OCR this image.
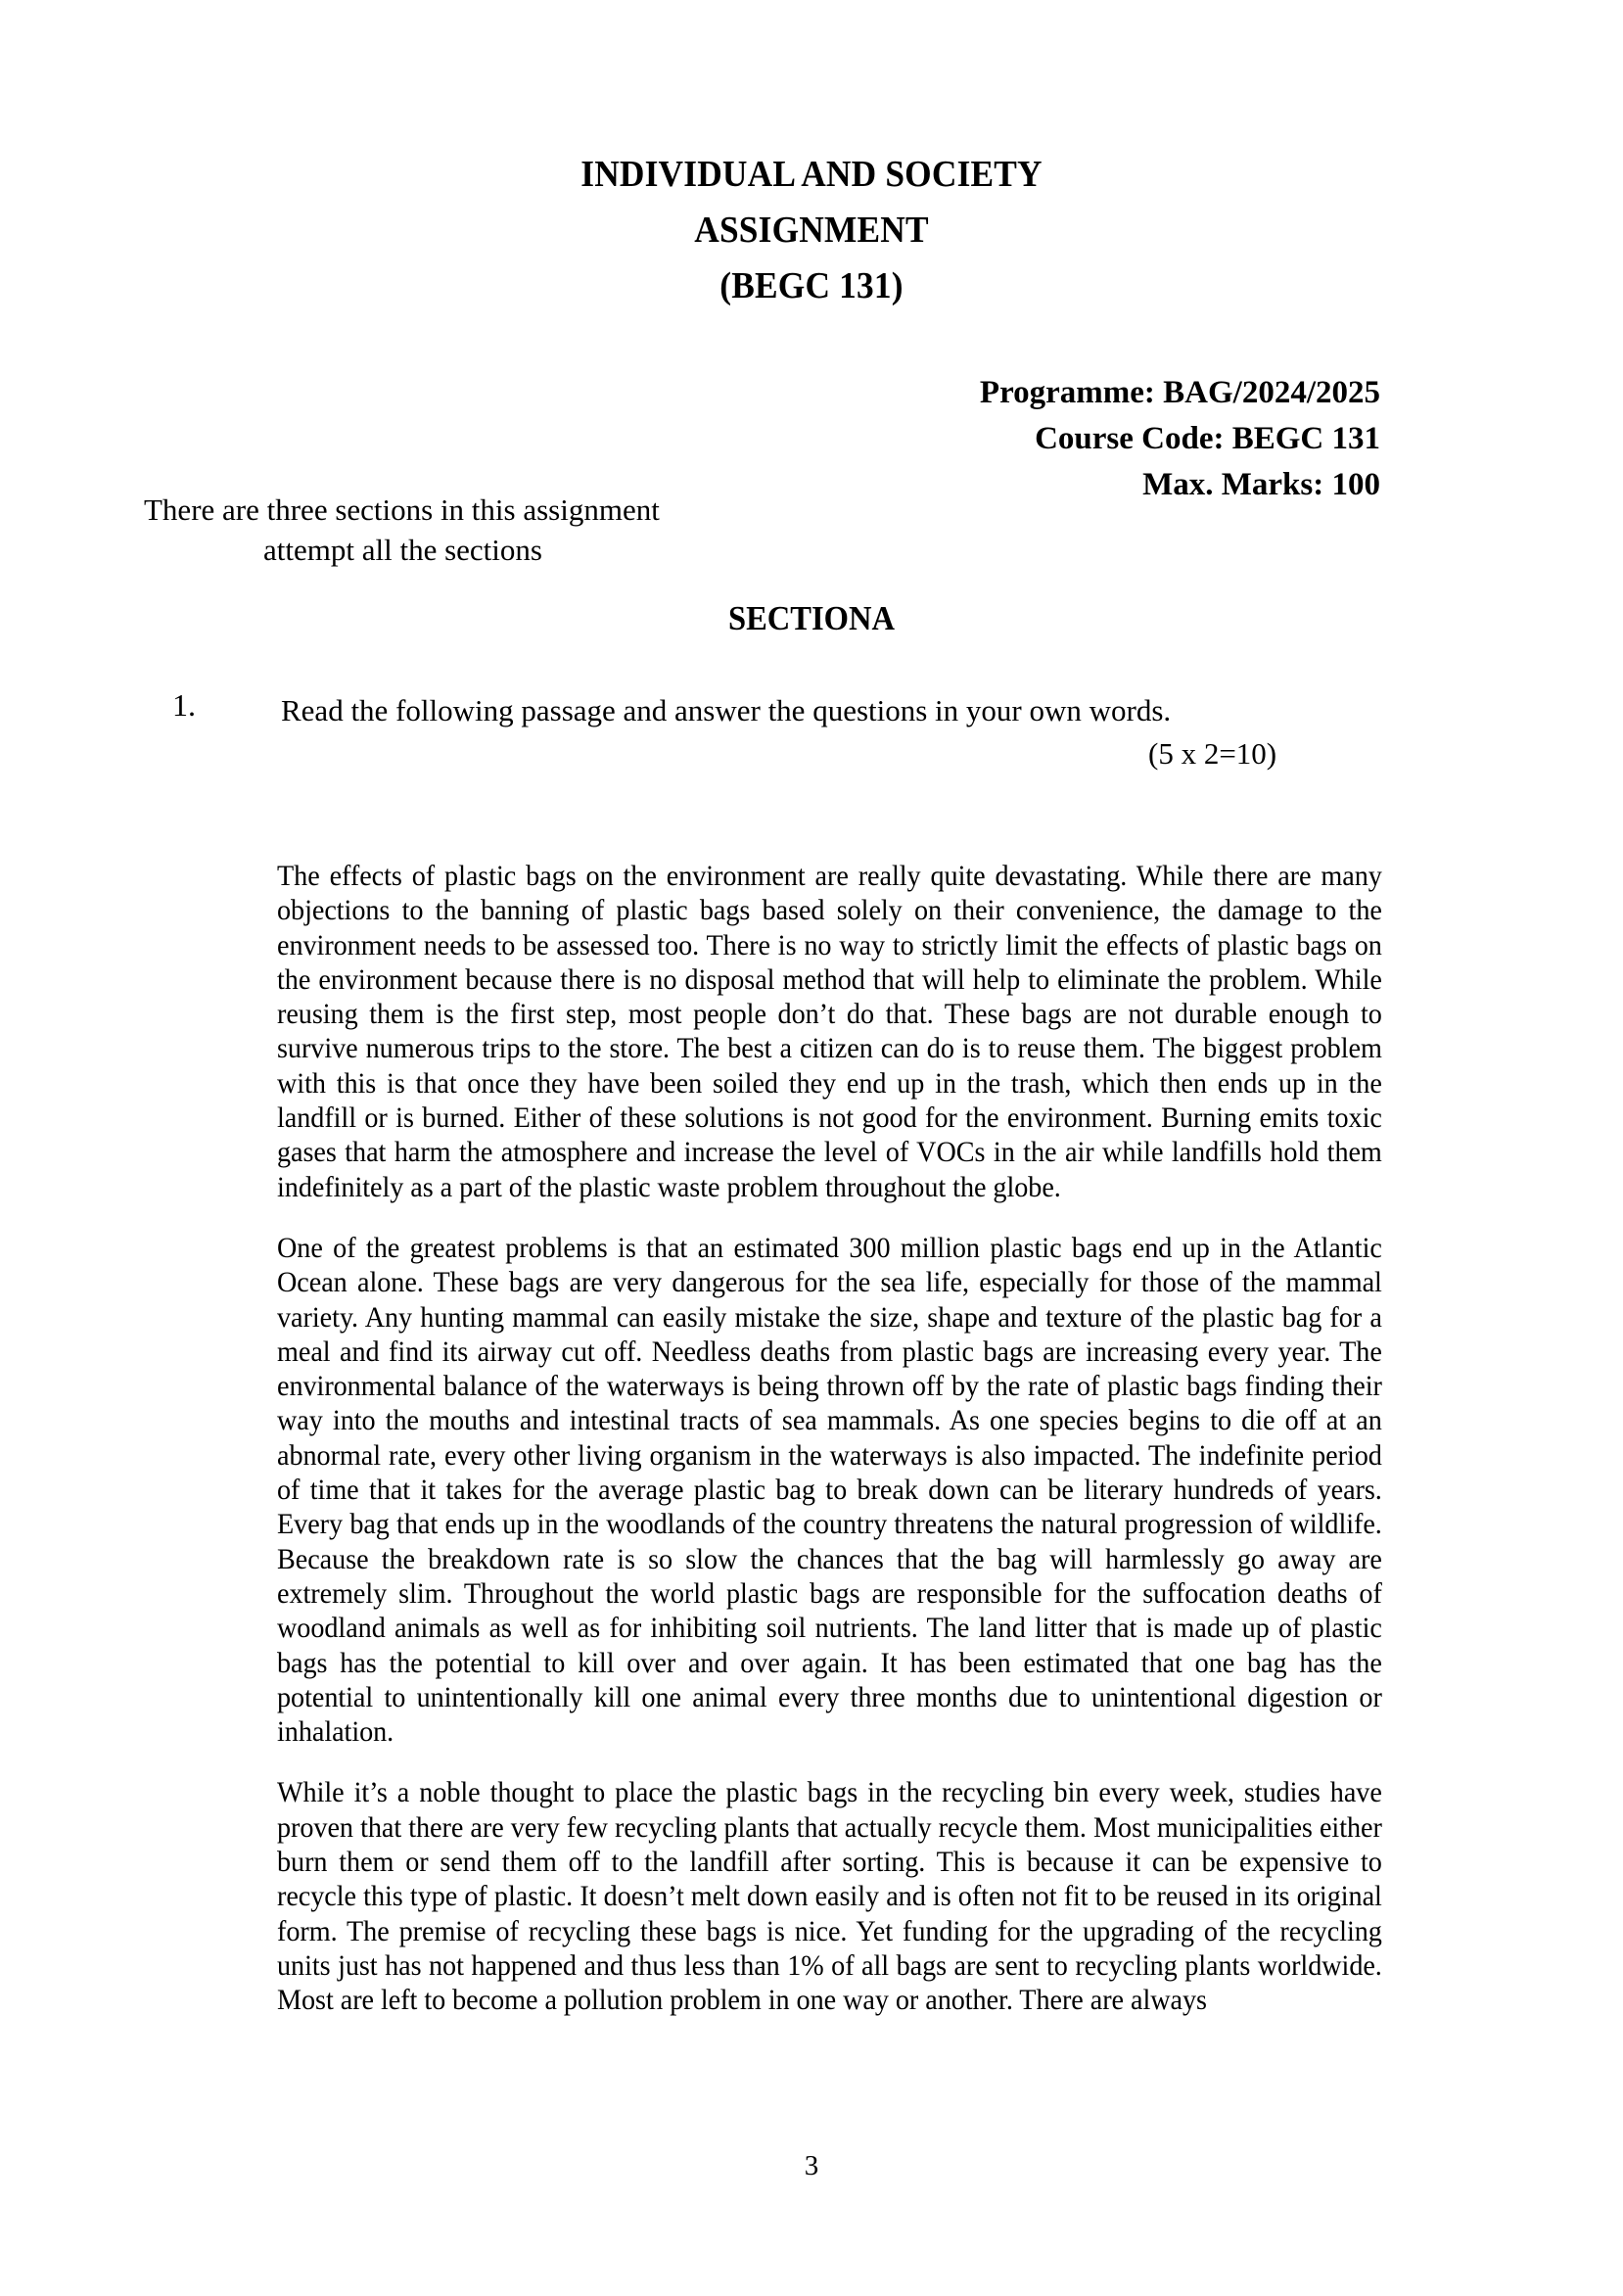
INDIVIDUAL AND SOCIETY
ASSIGNMENT
(BEGC 131)
Programme: BAG/2024/2025
Course Code: BEGC 131
Max. Marks: 100
There are three sections in this assignment
attempt all the sections
SECTIONA
1.	Read the following passage and answer the questions in your own words.
(5 x 2=10)

The effects of plastic bags on the environment are really quite devastating. While there are many objections to the banning of plastic bags based solely on their convenience, the damage to the environment needs to be assessed too. There is no way to strictly limit the effects of plastic bags on the environment because there is no disposal method that will help to eliminate the problem. While reusing them is the first step, most people don’t do that. These bags are not durable enough to survive numerous trips to the store. The best a citizen can do is to reuse them. The biggest problem with this is that once they have been soiled they end up in the trash, which then ends up in the landfill or is burned. Either of these solutions is not good for the environment. Burning emits toxic gases that harm the atmosphere and increase the level of VOCs in the air while landfills hold them indefinitely as a part of the plastic waste problem throughout the globe.

One of the greatest problems is that an estimated 300 million plastic bags end up in the Atlantic Ocean alone. These bags are very dangerous for the sea life, especially for those of the mammal variety. Any hunting mammal can easily mistake the size, shape and texture of the plastic bag for a meal and find its airway cut off. Needless deaths from plastic bags are increasing every year. The environmental balance of the waterways is being thrown off by the rate of plastic bags finding their way into the mouths and intestinal tracts of sea mammals. As one species begins to die off at an abnormal rate, every other living organism in the waterways is also impacted. The indefinite period of time that it takes for the average plastic bag to break down can be literary hundreds of years. Every bag that ends up in the woodlands of the country threatens the natural progression of wildlife. Because the breakdown rate is so slow the chances that the bag will harmlessly go away are extremely slim. Throughout the world plastic bags are responsible for the suffocation deaths of woodland animals as well as for inhibiting soil nutrients. The land litter that is made up of plastic bags has the potential to kill over and over again. It has been estimated that one bag has the potential to unintentionally kill one animal every three months due to unintentional digestion or inhalation.

While it’s a noble thought to place the plastic bags in the recycling bin every week, studies have proven that there are very few recycling plants that actually recycle them. Most municipalities either burn them or send them off to the landfill after sorting. This is because it can be expensive to recycle this type of plastic. It doesn’t melt down easily and is often not fit to be reused in its original form. The premise of recycling these bags is nice. Yet funding for the upgrading of the recycling units just has not happened and thus less than 1% of all bags are sent to recycling plants worldwide. Most are left to become a pollution problem in one way or another. There are always

3
